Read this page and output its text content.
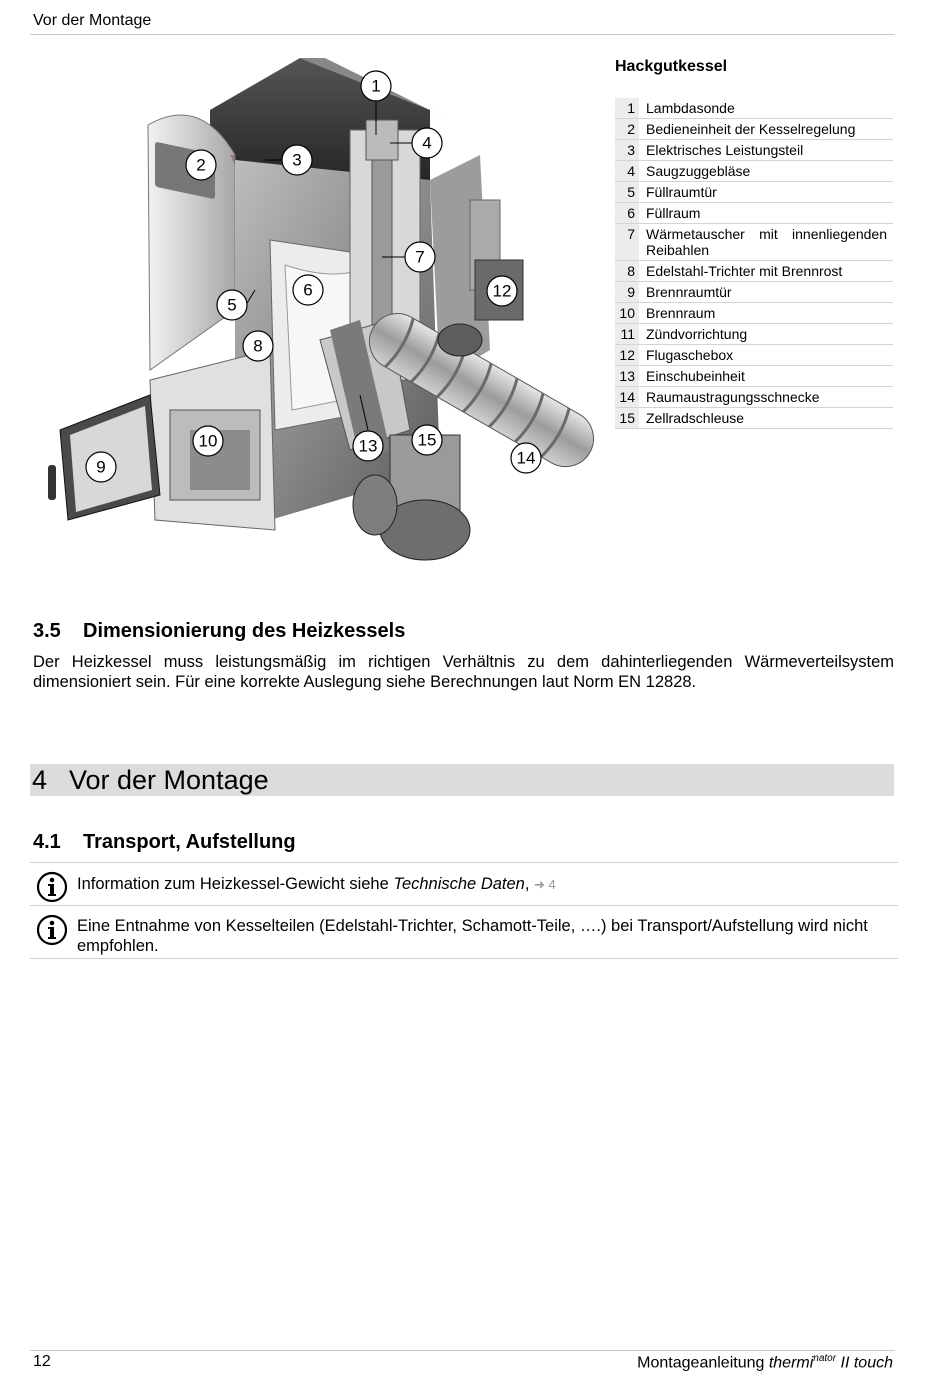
Vor der Montage
1
2	3
4
5
6
7
8
9
10
12
13
14
15
Hackgutkessel
1 Lambdasonde
2 Bedieneinheit der Kesselregelung
3 Elektrisches Leistungsteil
4 Saugzuggebläse
5 Füllraumtür
6 Füllraum
7 Wärmetauscher mit innenliegenden Reibahlen
8 Edelstahl-Trichter mit Brennrost
9 Brennraumtür
10 Brennraum
11 Zündvorrichtung
12 Flugaschebox
13 Einschubeinheit
14 Raumaustragungsschnecke
15 Zellradschleuse
3.5 Dimensionierung des Heizkessels
Der Heizkessel muss leistungsmäßig im richtigen Verhältnis zu dem dahinterliegenden Wärmeverteilsystem dimensioniert sein. Für eine korrekte Auslegung siehe Berechnungen laut Norm EN 12828.
4 Vor der Montage
4.1 Transport, Aufstellung
Information zum Heizkessel-Gewicht siehe Technische Daten, ➜ 4
Eine Entnahme von Kesselteilen (Edelstahl-Trichter, Schamott-Teile, ….) bei Transport/Aufstellung wird nicht empfohlen.
12	Montageanleitung thermi$^{nator}$ II touch
